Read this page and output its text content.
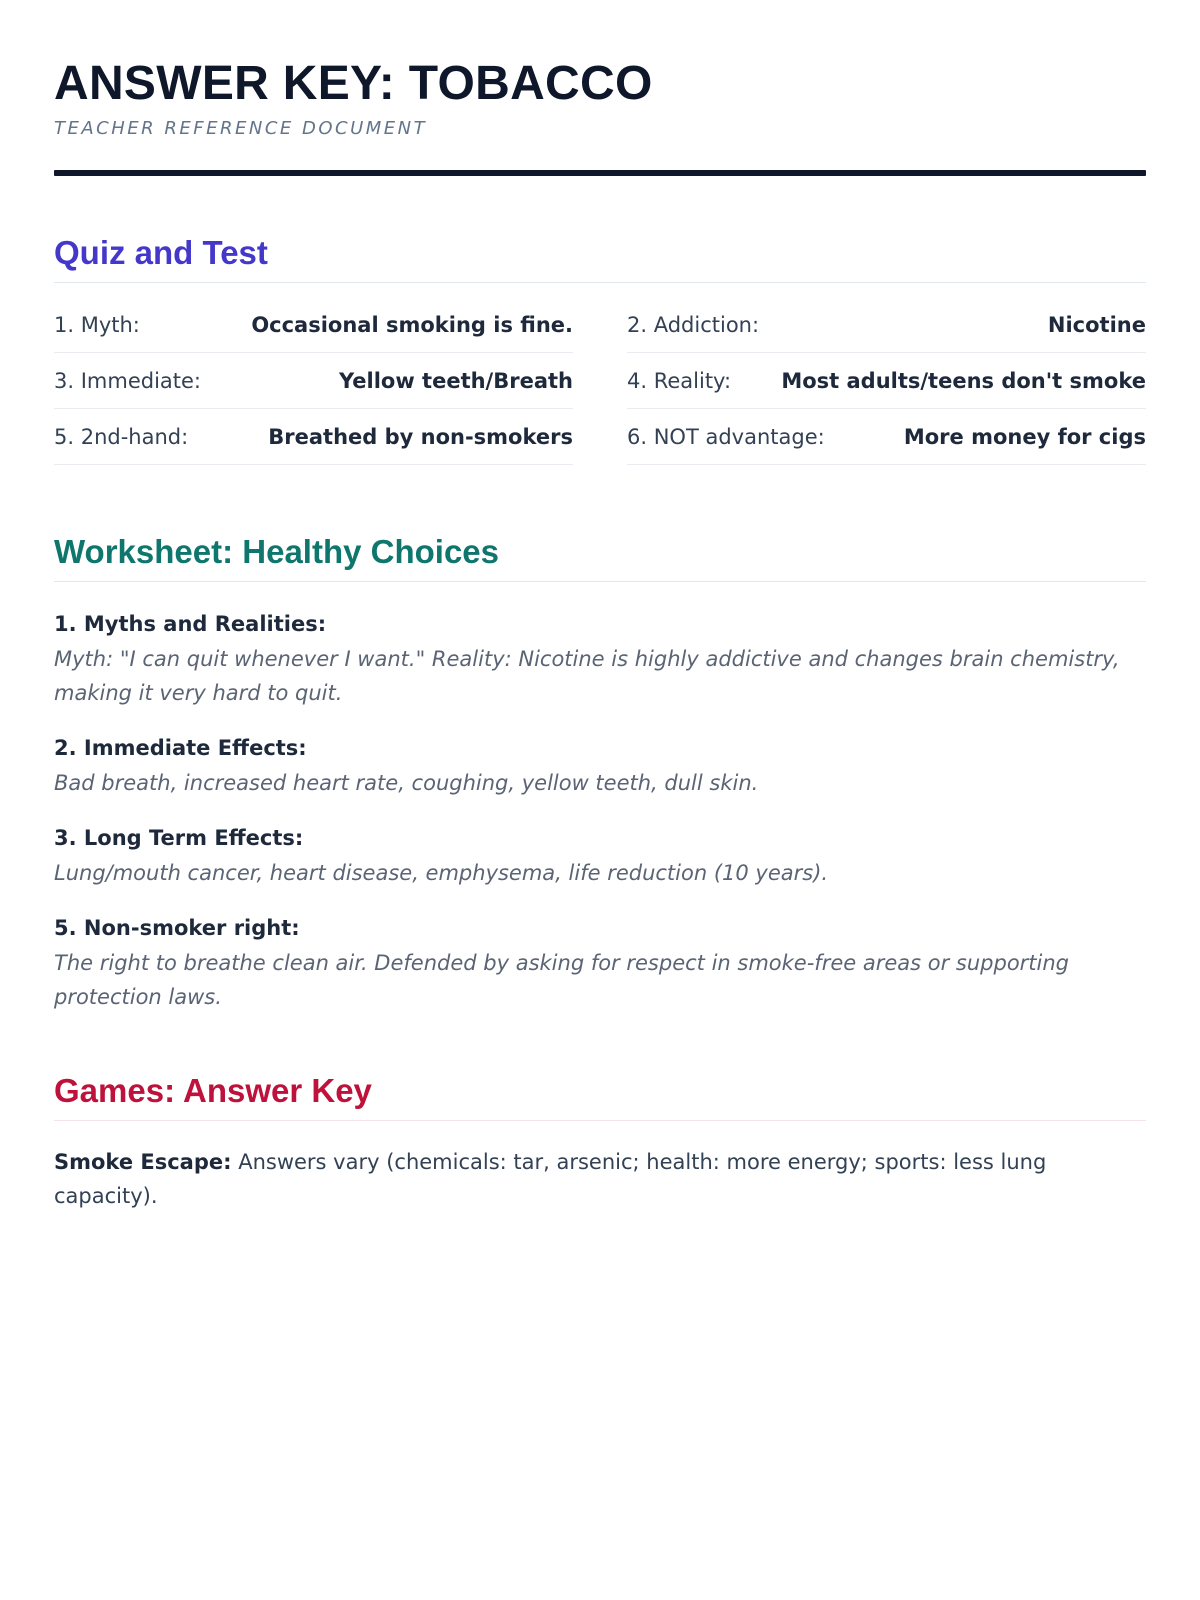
ANSWER KEY: TOBACCO
TEACHER REFERENCE DOCUMENT
Quiz and Test
1. Myth:	Occasional smoking is fine.	2. Addiction:	Nicotine
3. Immediate:	Yellow teeth/Breath	4. Reality: Most adults/teens don't smoke
5. 2nd-hand:	Breathed by non-smokers	6. NOT advantage:	More money for cigs
Worksheet: Healthy Choices
1. Myths and Realities:
Myth: "I can quit whenever I want." Reality: Nicotine is highly addictive and changes brain chemistry, making it very hard to quit.
2. Immediate Effects:
Bad breath, increased heart rate, coughing, yellow teeth, dull skin.
3. Long Term Effects:
Lung/mouth cancer, heart disease, emphysema, life reduction (10 years).
5. Non-smoker right:
The right to breathe clean air. Defended by asking for respect in smoke-free areas or supporting protection laws.
Games: Answer Key

Smoke Escape: Answers vary (chemicals: tar, arsenic; health: more energy; sports: less lung capacity).
